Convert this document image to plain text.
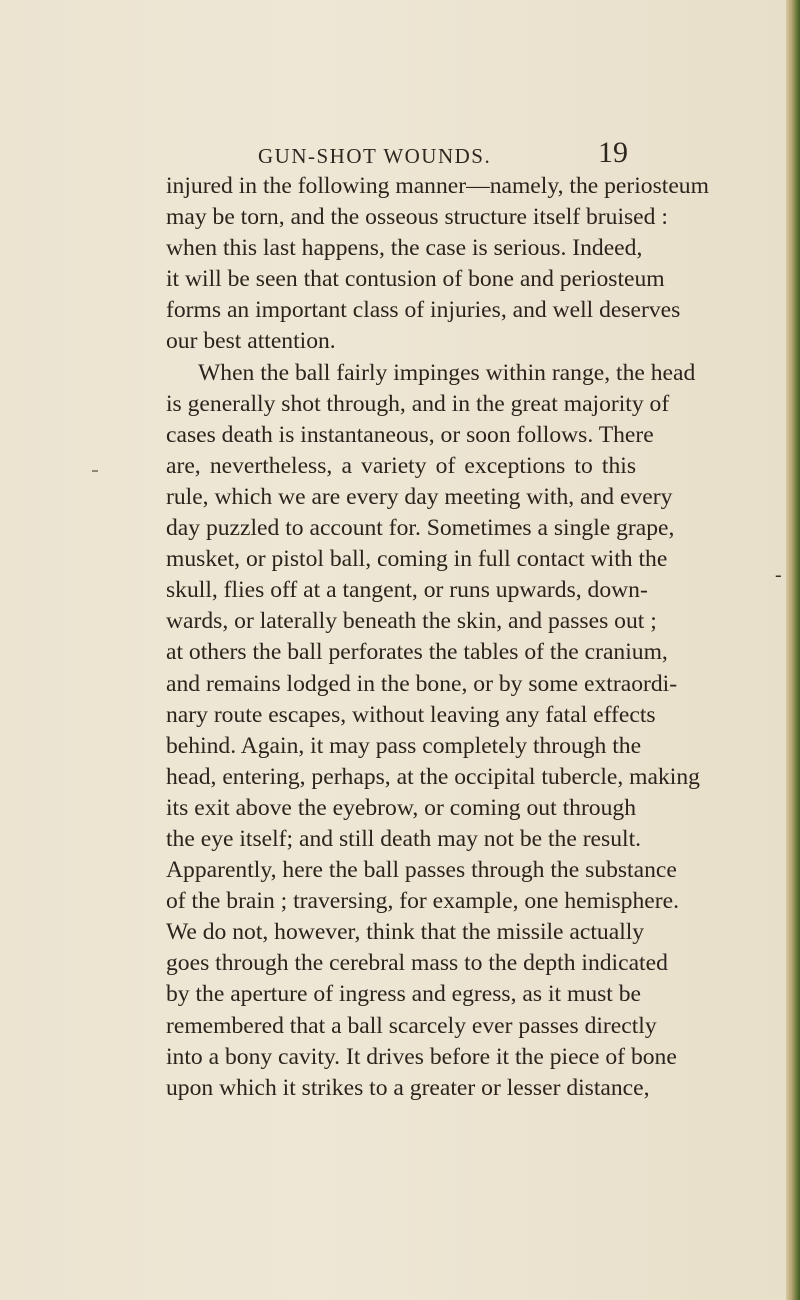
GUN-SHOT WOUNDS.	19
injured in the following manner—namely, the periosteum
may be torn, and the osseous structure itself bruised :
when this last happens, the case is serious. Indeed,
it will be seen that contusion of bone and periosteum
forms an important class of injuries, and well deserves
our best attention.
When the ball fairly impinges within range, the head
is generally shot through, and in the great majority of
cases death is instantaneous, or soon follows. There
are, nevertheless, a variety of exceptions to this
rule, which we are every day meeting with, and every
day puzzled to account for. Sometimes a single grape,
musket, or pistol ball, coming in full contact with the
skull, flies off at a tangent, or runs upwards, down-
wards, or laterally beneath the skin, and passes out ;
at others the ball perforates the tables of the cranium,
and remains lodged in the bone, or by some extraordi-
nary route escapes, without leaving any fatal effects
behind. Again, it may pass completely through the
head, entering, perhaps, at the occipital tubercle, making
its exit above the eyebrow, or coming out through
the eye itself; and still death may not be the result.
Apparently, here the ball passes through the substance
of the brain ; traversing, for example, one hemisphere.
We do not, however, think that the missile actually
goes through the cerebral mass to the depth indicated
by the aperture of ingress and egress, as it must be
remembered that a ball scarcely ever passes directly
into a bony cavity. It drives before it the piece of bone
upon which it strikes to a greater or lesser distance,
-
